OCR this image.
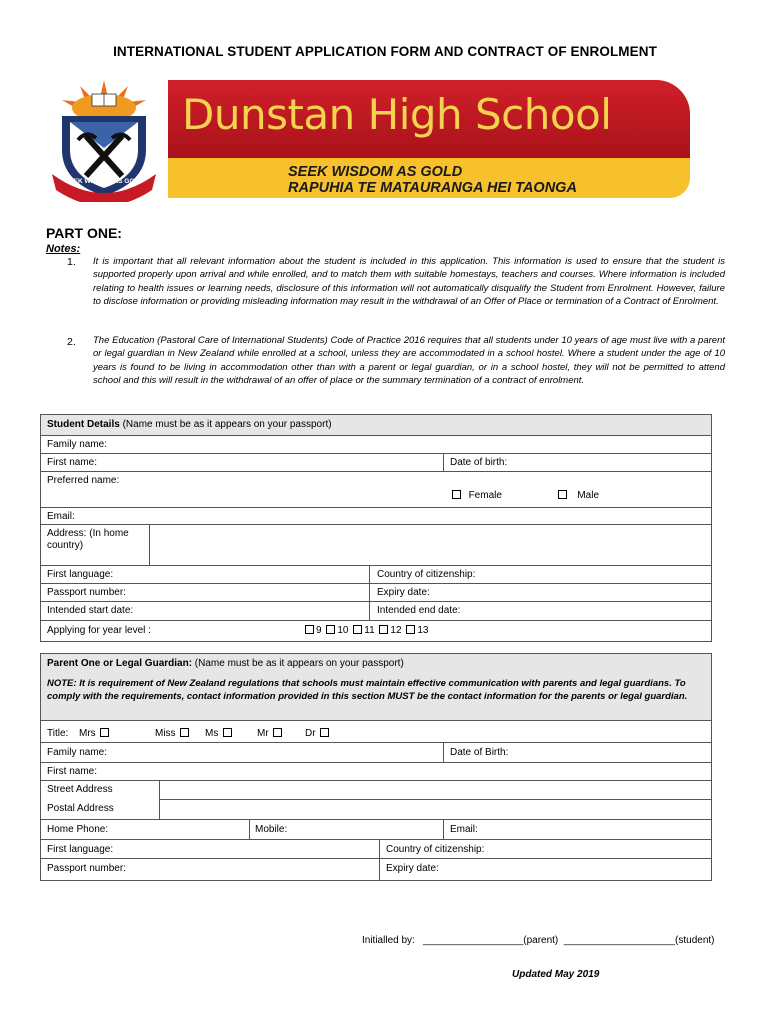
INTERNATIONAL STUDENT APPLICATION FORM AND CONTRACT OF ENROLMENT
SEEK WISDOM AS GOLD
Dunstan High School
SEEK WISDOM AS GOLD
RAPUHIA TE MATAURANGA HEI TAONGA
PART ONE:
Notes:
1. It is important that all relevant information about the student is included in this application. This information is used to ensure that the student is supported properly upon arrival and while enrolled, and to match them with suitable homestays, teachers and courses. Where information is included relating to health issues or learning needs, disclosure of this information will not automatically disqualify the Student from Enrolment. However, failure to disclose information or providing misleading information may result in the withdrawal of an Offer of Place or termination of a Contract of Enrolment.
2. The Education (Pastoral Care of International Students) Code of Practice 2016 requires that all students under 10 years of age must live with a parent or legal guardian in New Zealand while enrolled at a school, unless they are accommodated in a school hostel. Where a student under the age of 10 years is found to be living in accommodation other than with a parent or legal guardian, or in a school hostel, they will not be permitted to attend school and this will result in the withdrawal of an offer of place or the summary termination of a contract of enrolment.
Student Details (Name must be as it appears on your passport)
Family name:
First name:	Date of birth:
Preferred name:
Female	Male
Email:
Address: (In home
country)
First language:	Country of citizenship:
Passport number:	Expiry date:
Intended start date:	Intended end date:
Applying for year level :	9 10 11 12 13
Parent One or Legal Guardian: (Name must be as it appears on your passport)
NOTE: It is requirement of New Zealand regulations that schools must maintain effective communication with parents and legal guardians. To comply with the requirements, contact information provided in this section MUST be the contact information for the parents or legal guardian.
Title: Mrs	Miss	Ms	Mr	Dr
Family name:	Date of Birth:
First name:
Street Address
Postal Address
Home Phone:	Mobile:	Email:
First language:	Country of citizenship:
Passport number:	Expiry date:
Initialled by:   __________________(parent)  ____________________(student)
Updated May 2019
